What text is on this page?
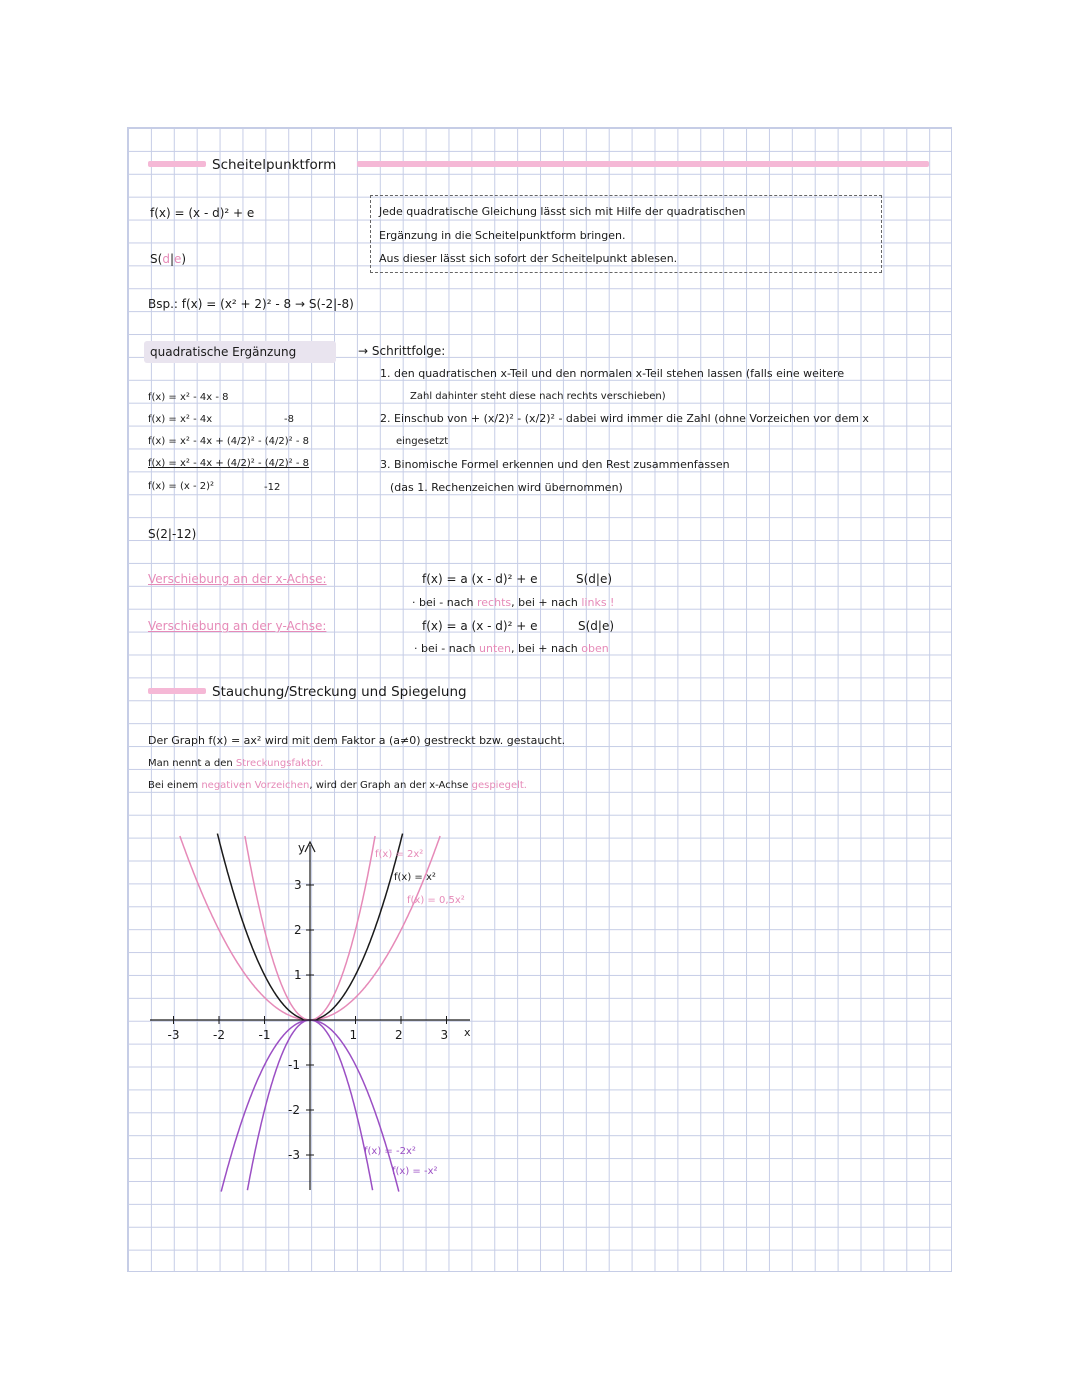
Scheitelpunktform
f(x) = (x - d)² + e
S(d|e)
Jede quadratische Gleichung lässt sich mit Hilfe der quadratischen
Ergänzung in die Scheitelpunktform bringen.
Aus dieser lässt sich sofort der Scheitelpunkt ablesen.
Bsp.: f(x) = (x² + 2)² - 8 → S(-2|-8)
quadratische Ergänzung	→ Schrittfolge:
1. den quadratischen x-Teil und den normalen x-Teil stehen lassen (falls eine weitere
Zahl dahinter steht diese nach rechts verschieben)
2. Einschub von + (x/2)² - (x/2)² - dabei wird immer die Zahl (ohne Vorzeichen vor dem x
eingesetzt
3. Binomische Formel erkennen und den Rest zusammenfassen
(das 1. Rechenzeichen wird übernommen)
f(x) = x² - 4x - 8
f(x) = x² - 4x	-8
f(x) = x² - 4x + (4/2)² - (4/2)² - 8
f(x) = x² - 4x + (4/2)² - (4/2)² - 8
f(x) = (x - 2)²	-12
S(2|-12)
Verschiebung an der x-Achse:	f(x) = a (x - d)² + e	S(d|e)
· bei - nach rechts, bei + nach links !
Verschiebung an der y-Achse:	f(x) = a (x - d)² + e	S(d|e)
· bei - nach unten, bei + nach oben
Stauchung/Streckung und Spiegelung
Der Graph f(x) = ax² wird mit dem Faktor a (a≠0) gestreckt bzw. gestaucht.
Man nennt a den Streckungsfaktor.
Bei einem negativen Vorzeichen, wird der Graph an der x-Achse gespiegelt.
-3	-2	-1	1	2	3
3
2
1
-1
-2
-3
y
x
f(x) = 2x²
f(x) = x²
f(x) = 0,5x²
f(x) = -2x²
f(x) = -x²
